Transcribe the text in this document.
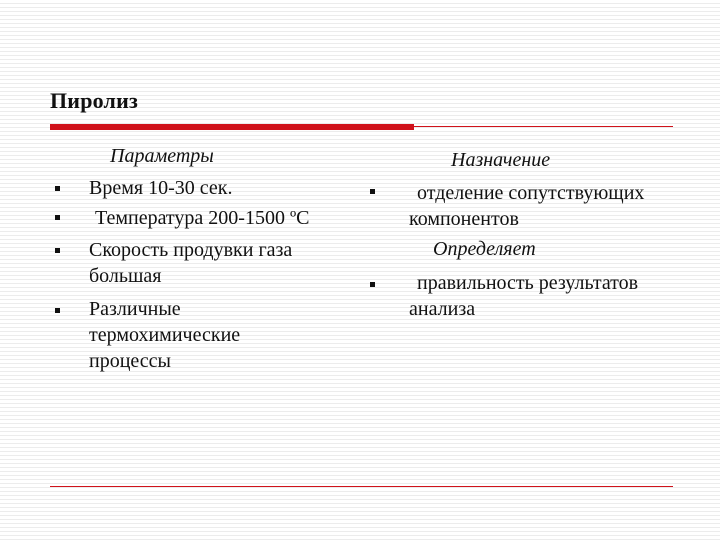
Пиролиз
Параметры
Время 10-30 сек.
Температура 200-1500 ºС
Скорость продувки газа большая
Различные термохимические процессы
Назначение
отделение сопутствующих компонентов
Определяет
правильность результатов анализа
